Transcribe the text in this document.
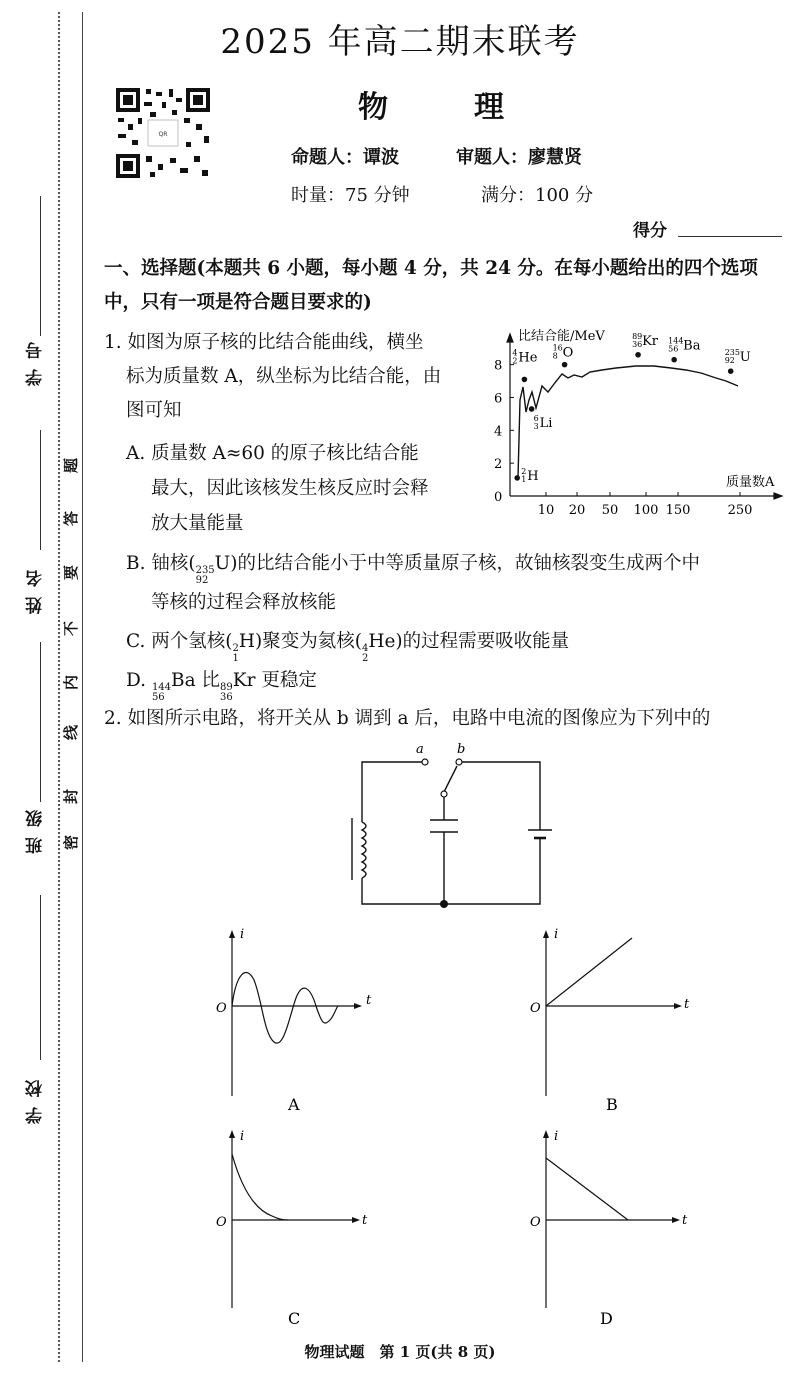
学 号
姓 名
班 级
学 校
密
封
线
内
不
要
答
题
2025 年高二期末联考
QR
物　理
命题人：谭波	审题人：廖慧贤
时量：75 分钟	满分：100 分
得分
一、选择题(本题共 6 小题，每小题 4 分，共 24 分。在每小题给出的四个选项中，只有一项是符合题目要求的)
1. 如图为原子核的比结合能曲线，横坐
标为质量数 A，纵坐标为比结合能，由
图可知
A. 质量数 A≈60 的原子核比结合能
最大，因此该核发生核反应时会释
放大量能量
B. 铀核( 235
92
U)的比结合能小于中等质量原子核，故铀核裂变生成两个中
等核的过程会释放核能
C. 两个氢核( 2
1
H)聚变为氦核( 4
2
He)的过程需要吸收能量
D. 144
56
Ba 比 89
36
Kr 更稳定
比结合能/MeV
质量数A
0
2
4
6
8
10 20 50 100 150	250
2
1 H
4
2 He
6
3 Li
16
8 O
89
36 Kr 144
56 Ba	235
92 U
2. 如图所示电路，将开关从 b 调到 a 后，电路中电流的图像应为下列中的
a	b
i
t
O
A
i
t
O
B
i
t
O
C
i
t
O
D
物理试题　第 1 页(共 8 页)
